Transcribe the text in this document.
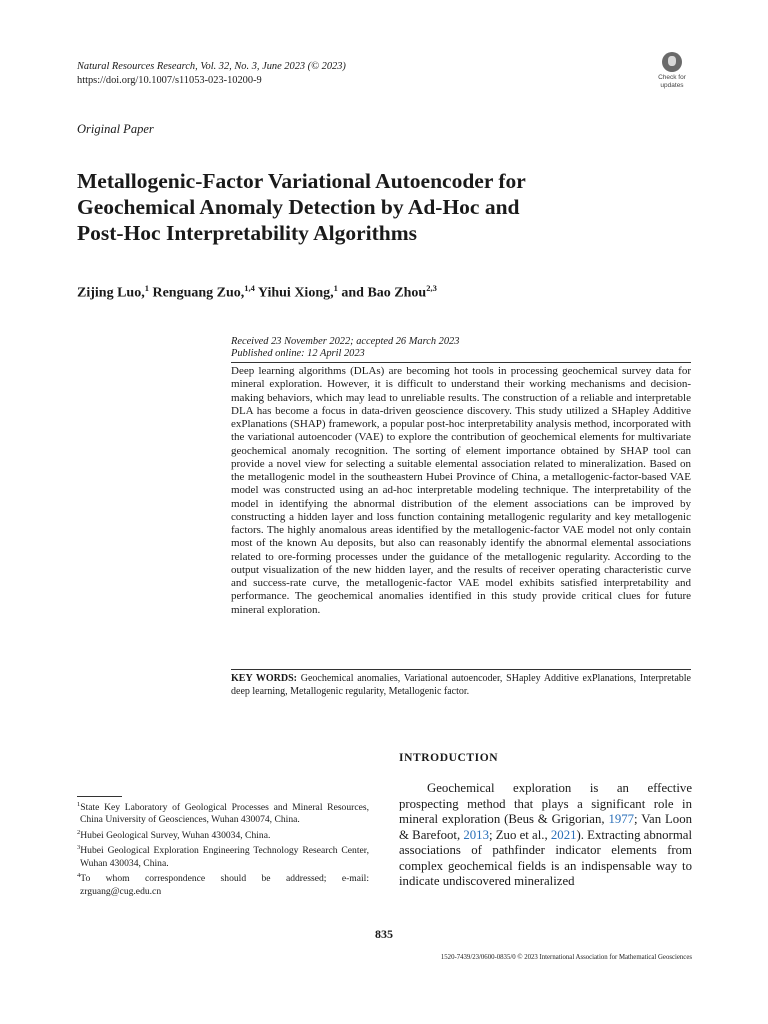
Natural Resources Research, Vol. 32, No. 3, June 2023 (© 2023)
https://doi.org/10.1007/s11053-023-10200-9	Check for
updates
Original Paper
Metallogenic-Factor Variational Autoencoder for
Geochemical Anomaly Detection by Ad-Hoc and
Post-Hoc Interpretability Algorithms
Zijing Luo,$^1$ Renguang Zuo,$^{1,4}$ Yihui Xiong,$^1$ and Bao Zhou$^{2,3}$
Received 23 November 2022; accepted 26 March 2023
Published online: 12 April 2023
Deep learning algorithms (DLAs) are becoming hot tools in processing geochemical survey data for mineral exploration. However, it is difficult to understand their working mechanisms and decision-making behaviors, which may lead to unreliable results. The construction of a reliable and interpretable DLA has become a focus in data-driven geoscience discovery. This study utilized a SHapley Additive exPlanations (SHAP) framework, a popular post-hoc interpretability analysis method, incorporated with the variational autoencoder (VAE) to explore the contribution of geochemical elements for multivariate geochemical anomaly recognition. The sorting of element importance obtained by SHAP tool can provide a novel view for selecting a suitable elemental association related to mineralization. Based on the metallogenic model in the southeastern Hubei Province of China, a metallogenic-factor-based VAE model was constructed using an ad-hoc interpretable modeling technique. The interpretability of the model in identifying the abnormal distribution of the element associations can be improved by constructing a hidden layer and loss function containing metallogenic regularity and key metallogenic factors. The highly anomalous areas identified by the metallogenic-factor VAE model not only contain most of the known Au deposits, but also can reasonably identify the abnormal elemental associations related to ore-forming processes under the guidance of the metallogenic regularity. According to the output visualization of the new hidden layer, and the results of receiver operating characteristic curve and success-rate curve, the metallogenic-factor VAE model exhibits satisfied interpretability and performance. The geochemical anomalies identified in this study provide critical clues for future mineral exploration.
KEY WORDS: Geochemical anomalies, Variational autoencoder, SHapley Additive exPlanations, Interpretable deep learning, Metallogenic regularity, Metallogenic factor.
INTRODUCTION

Geochemical exploration is an effective prospecting method that plays a significant role in mineral exploration (Beus & Grigorian, 1977; Van Loon & Barefoot, 2013; Zuo et al., 2021). Extracting abnormal associations of pathfinder indicator elements from complex geochemical fields is an indispensable way to indicate undiscovered mineralized

$^1$State Key Laboratory of Geological Processes and Mineral Resources, China University of Geosciences, Wuhan 430074, China.
$^2$Hubei Geological Survey, Wuhan 430034, China.
$^3$Hubei Geological Exploration Engineering Technology Research Center, Wuhan 430034, China.
$^4$To whom correspondence should be addressed; e-mail: zrguang@cug.edu.cn
835
1520-7439/23/0600-0835/0 © 2023 International Association for Mathematical Geosciences
